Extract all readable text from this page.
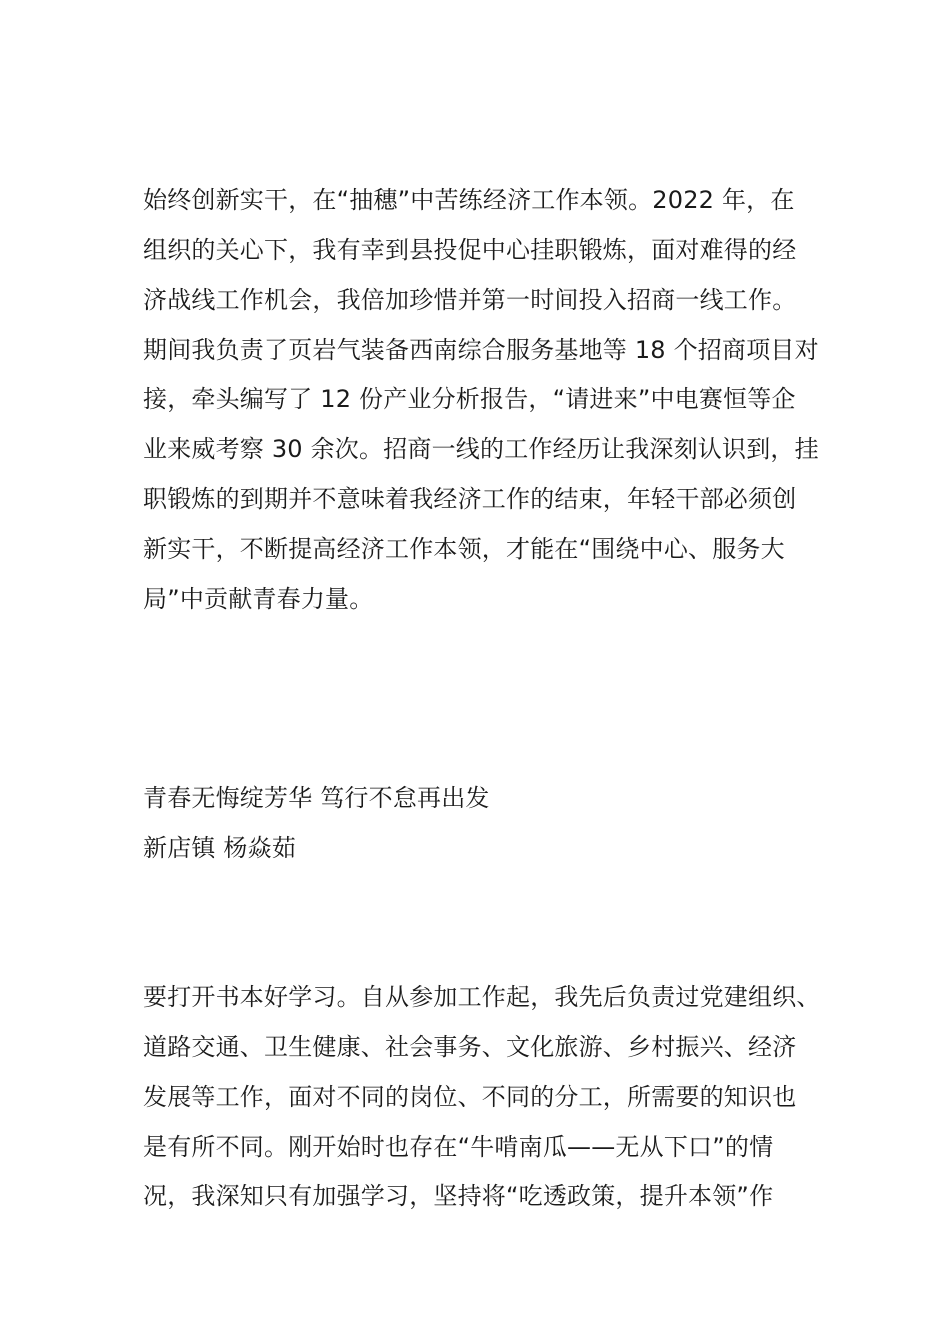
始终创新实干，在“抽穗”中苦练经济工作本领。2022 年，在
组织的关心下，我有幸到县投促中心挂职锻炼，面对难得的经
济战线工作机会，我倍加珍惜并第一时间投入招商一线工作。
期间我负责了页岩气装备西南综合服务基地等 18 个招商项目对
接，牵头编写了 12 份产业分析报告，“请进来”中电赛恒等企
业来威考察 30 余次。招商一线的工作经历让我深刻认识到，挂
职锻炼的到期并不意味着我经济工作的结束，年轻干部必须创
新实干，不断提高经济工作本领，才能在“围绕中心、服务大
局”中贡献青春力量。
青春无悔绽芳华 笃行不怠再出发
新店镇 杨焱茹
要打开书本好学习。自从参加工作起，我先后负责过党建组织、
道路交通、卫生健康、社会事务、文化旅游、乡村振兴、经济
发展等工作，面对不同的岗位、不同的分工，所需要的知识也
是有所不同。刚开始时也存在“牛啃南瓜——无从下口”的情
况，我深知只有加强学习，坚持将“吃透政策，提升本领”作
